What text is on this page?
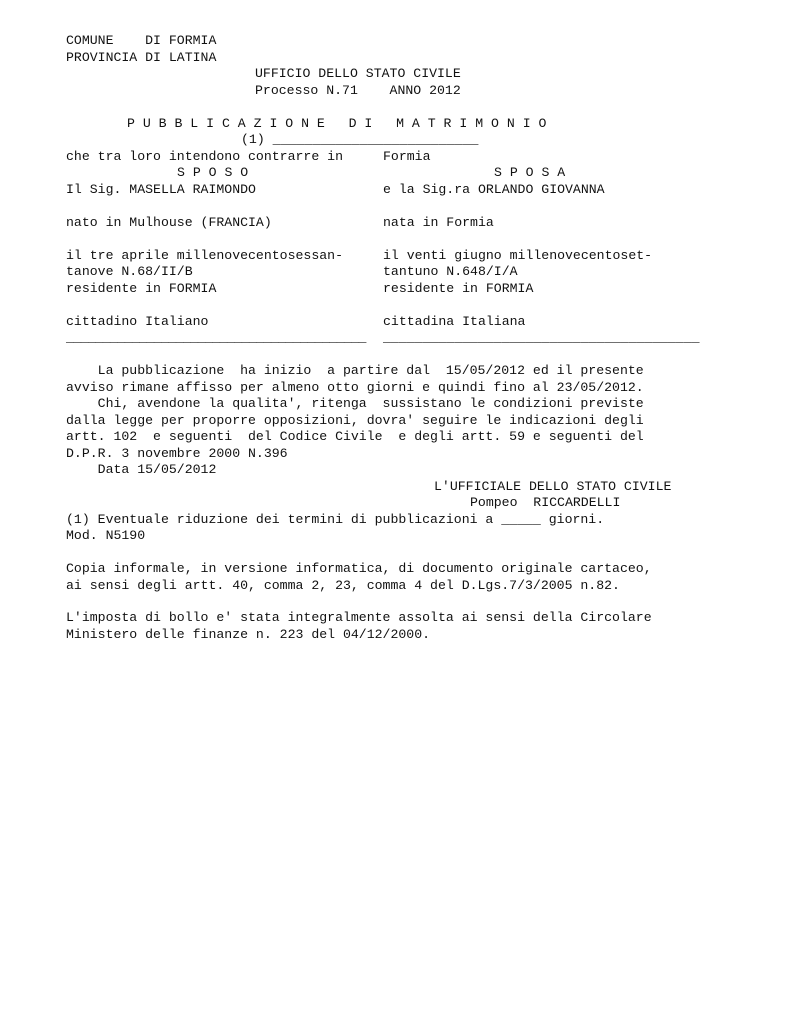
COMUNE    DI FORMIA

PROVINCIA DI LATINA

UFFICIO DELLO STATO CIVILE

Processo N.71    ANNO 2012

P U B B L I C A Z I O N E   D I   M A T R I M O N I O

(1) __________________________

che tra loro intendono contrarre in	Formia

S P O S O	S P O S A

Il Sig. MASELLA RAIMONDO	e la Sig.ra ORLANDO GIOVANNA

nato in Mulhouse (FRANCIA)	nata in Formia

il tre aprile millenovecentosessan-	il venti giugno millenovecentoset-

tanove N.68/II/B	tantuno N.648/I/A

residente in FORMIA	residente in FORMIA

cittadino Italiano	cittadina Italiana

_________________________________________ ________________________________________

La pubblicazione  ha inizio  a partire dal  15/05/2012 ed il presente

avviso rimane affisso per almeno otto giorni e quindi fino al 23/05/2012.

Chi, avendone la qualita', ritenga  sussistano le condizioni previste

dalla legge per proporre opposizioni, dovra' seguire le indicazioni degli

artt. 102  e seguenti  del Codice Civile  e degli artt. 59 e seguenti del

D.P.R. 3 novembre 2000 N.396

Data 15/05/2012

L'UFFICIALE DELLO STATO CIVILE

Pompeo  RICCARDELLI

(1) Eventuale riduzione dei termini di pubblicazioni a _____ giorni.

Mod. N5190

Copia informale, in versione informatica, di documento originale cartaceo,

ai sensi degli artt. 40, comma 2, 23, comma 4 del D.Lgs.7/3/2005 n.82.

L'imposta di bollo e' stata integralmente assolta ai sensi della Circolare

Ministero delle finanze n. 223 del 04/12/2000.
